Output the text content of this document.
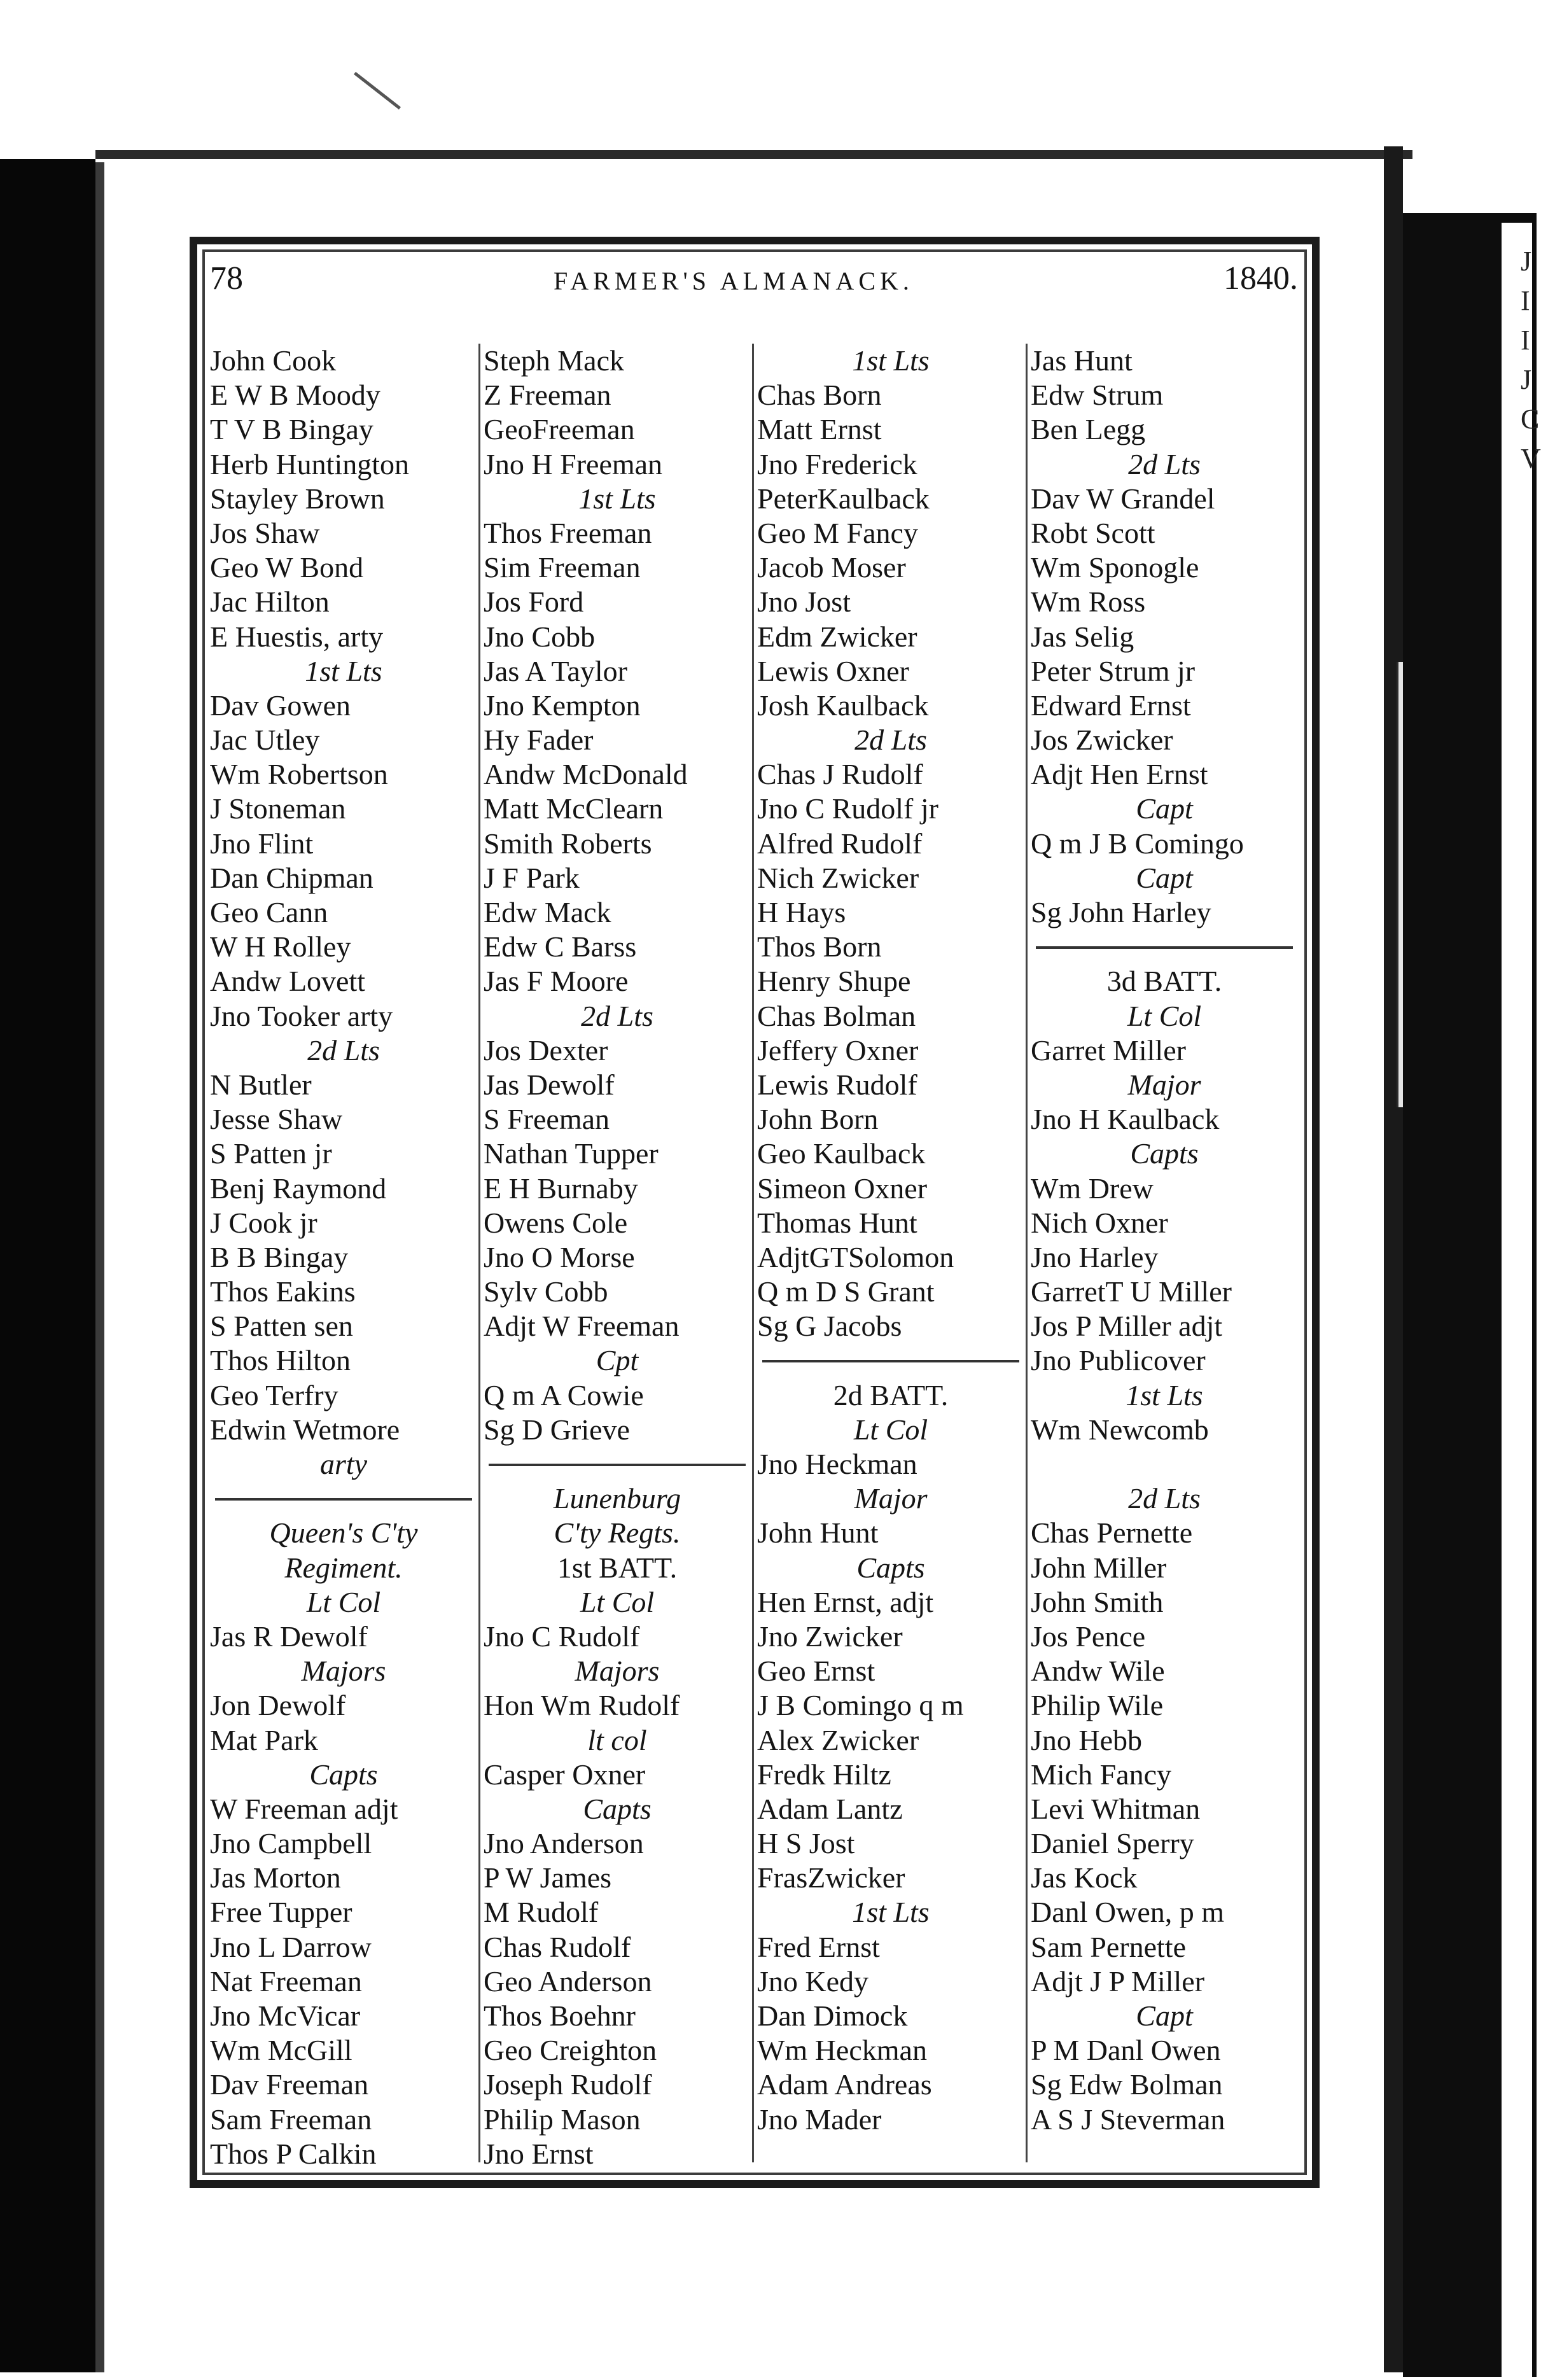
J
I
I
J
C
V
78	FARMER'S ALMANACK.	1840.
John Cook
E W B Moody
T V B Bingay
Herb Huntington
Stayley Brown
Jos Shaw
Geo W Bond
Jac Hilton
E Huestis, arty
1st Lts
Dav Gowen
Jac Utley
Wm Robertson
J Stoneman
Jno Flint
Dan Chipman
Geo Cann
W H Rolley
Andw Lovett
Jno Tooker arty
2d Lts
N Butler
Jesse Shaw
S Patten jr
Benj Raymond
J Cook jr
B B Bingay
Thos Eakins
S Patten sen
Thos Hilton
Geo Terfry
Edwin Wetmore
arty
Queen's C'ty
Regiment.
Lt Col
Jas R Dewolf
Majors
Jon Dewolf
Mat Park
Capts
W Freeman adjt
Jno Campbell
Jas Morton
Free Tupper
Jno L Darrow
Nat Freeman
Jno McVicar
Wm McGill
Dav Freeman
Sam Freeman
Thos P Calkin
Steph Mack
Z Freeman
GeoFreeman
Jno H Freeman
1st Lts
Thos Freeman
Sim Freeman
Jos Ford
Jno Cobb
Jas A Taylor
Jno Kempton
Hy Fader
Andw McDonald
Matt McClearn
Smith Roberts
J F Park
Edw Mack
Edw C Barss
Jas F Moore
2d Lts
Jos Dexter
Jas Dewolf
S Freeman
Nathan Tupper
E H Burnaby
Owens Cole
Jno O Morse
Sylv Cobb
Adjt W Freeman
Cpt
Q m A Cowie
Sg D Grieve
Lunenburg
C'ty Regts.
1st BATT.
Lt Col
Jno C Rudolf
Majors
Hon Wm Rudolf
lt col
Casper Oxner
Capts
Jno Anderson
P W James
M Rudolf
Chas Rudolf
Geo Anderson
Thos Boehnr
Geo Creighton
Joseph Rudolf
Philip Mason
Jno Ernst
1st Lts
Chas Born
Matt Ernst
Jno Frederick
PeterKaulback
Geo M Fancy
Jacob Moser
Jno Jost
Edm Zwicker
Lewis Oxner
Josh Kaulback
2d Lts
Chas J Rudolf
Jno C Rudolf jr
Alfred Rudolf
Nich Zwicker
H Hays
Thos Born
Henry Shupe
Chas Bolman
Jeffery Oxner
Lewis Rudolf
John Born
Geo Kaulback
Simeon Oxner
Thomas Hunt
AdjtGTSolomon
Q m D S Grant
Sg G Jacobs
2d BATT.
Lt Col
Jno Heckman
Major
John Hunt
Capts
Hen Ernst, adjt
Jno Zwicker
Geo Ernst
J B Comingo q m
Alex Zwicker
Fredk Hiltz
Adam Lantz
H S Jost
FrasZwicker
1st Lts
Fred Ernst
Jno Kedy
Dan Dimock
Wm Heckman
Adam Andreas
Jno Mader
Jas Hunt
Edw Strum
Ben Legg
2d Lts
Dav W Grandel
Robt Scott
Wm Sponogle
Wm Ross
Jas Selig
Peter Strum jr
Edward Ernst
Jos Zwicker
Adjt Hen Ernst
Capt
Q m J B Comingo
Capt
Sg John Harley
3d BATT.
Lt Col
Garret Miller
Major
Jno H Kaulback
Capts
Wm Drew
Nich Oxner
Jno Harley
GarretT U Miller
Jos P Miller adjt
Jno Publicover
1st Lts
Wm Newcomb
2d Lts
Chas Pernette
John Miller
John Smith
Jos Pence
Andw Wile
Philip Wile
Jno Hebb
Mich Fancy
Levi Whitman
Daniel Sperry
Jas Kock
Danl Owen, p m
Sam Pernette
Adjt J P Miller
Capt
P M Danl Owen
Sg Edw Bolman
A S J Steverman
